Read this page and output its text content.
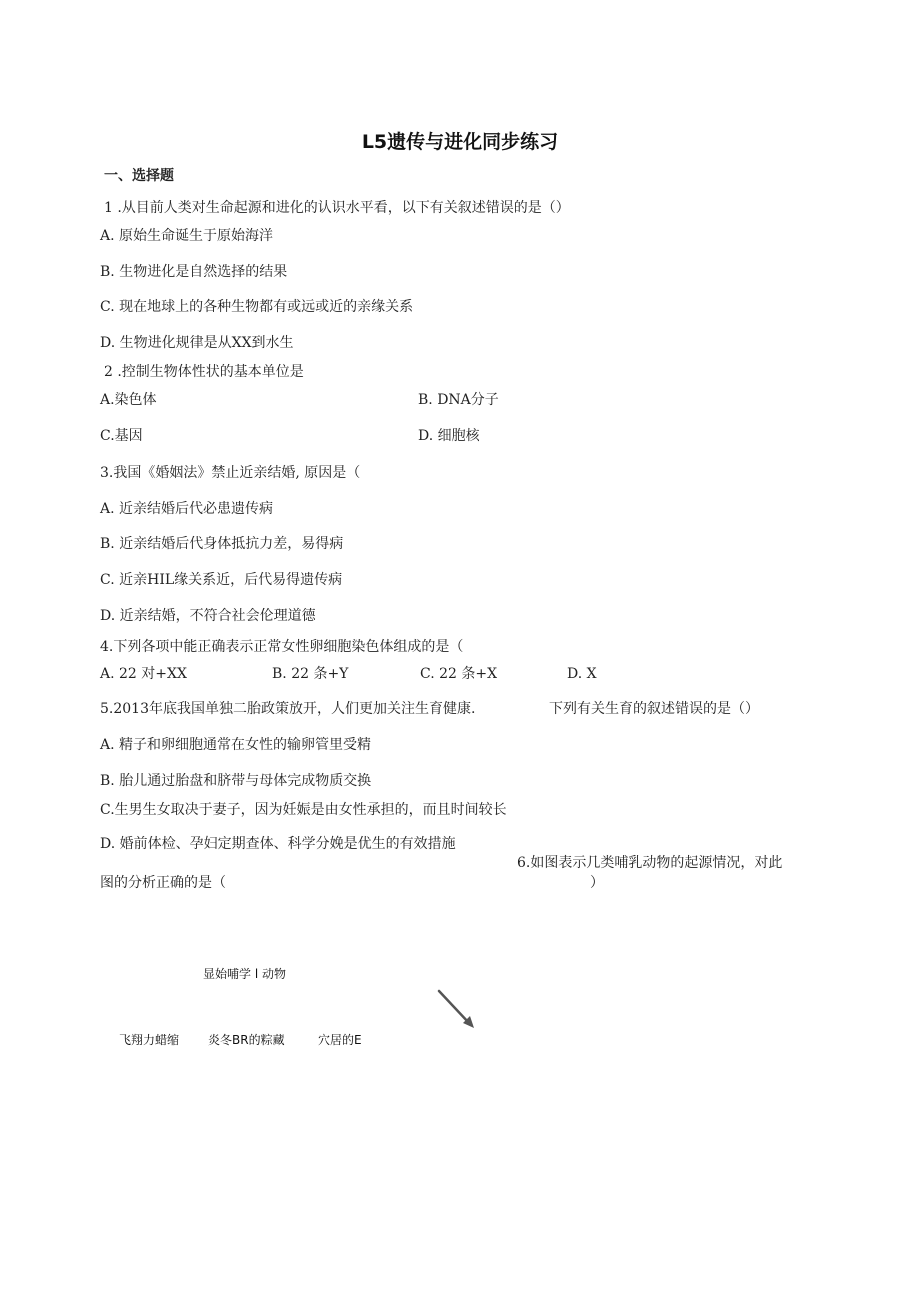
L5遗传与进化同步练习
一、选择题
1 .从目前人类对生命起源和进化的认识水平看，以下有关叙述错误的是（）
A. 原始生命诞生于原始海洋
B. 生物进化是自然选择的结果
C. 现在地球上的各种生物都有或远或近的亲缘关系
D. 生物进化规律是从XX到水生
2 .控制生物体性状的基本单位是
A.染色体	B. DNA分子
C.基因	D. 细胞核
3.我国《婚姻法》禁止近亲结婚, 原因是（
A. 近亲结婚后代必患遗传病
B. 近亲结婚后代身体抵抗力差，易得病
C. 近亲HIL缘关系近，后代易得遗传病
D. 近亲结婚，不符合社会伦理道德
4.下列各项中能正确表示正常女性卵细胞染色体组成的是（
A. 22 对+XX	B. 22 条+Y	C. 22 条+X	D. X
5.2013年底我国单独二胎政策放开，人们更加关注生育健康.	下列有关生育的叙述错误的是（）
A. 精子和卵细胞通常在女性的输卵管里受精
B. 胎儿通过胎盘和脐带与母体完成物质交换
C.生男生女取决于妻子，因为妊娠是由女性承担的，而且时间较长
D. 婚前体检、孕妇定期查体、科学分娩是优生的有效措施
6.如图表示几类哺乳动物的起源情况，对此
图的分析正确的是（	）
显始哺学 l 动物
飞翔力蜡缩 炎冬BR的粽藏	穴居的E
